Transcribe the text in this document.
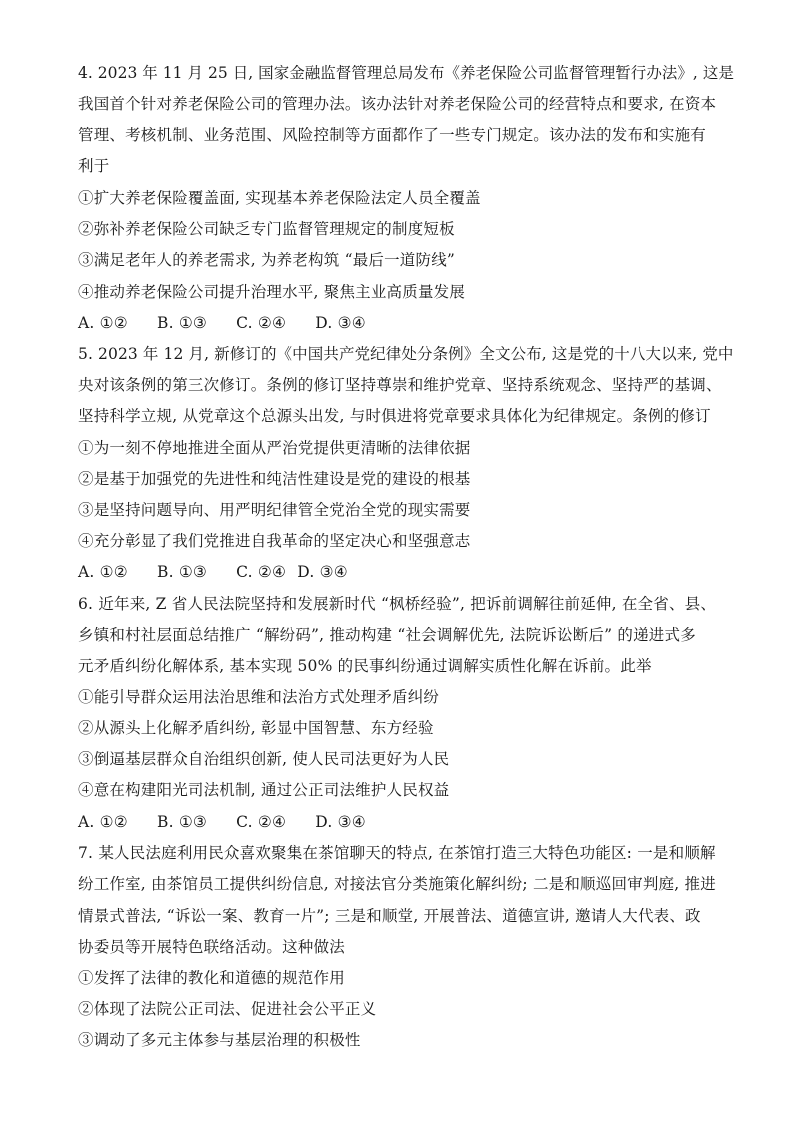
4. 2023 年 11 月 25 日, 国家金融监督管理总局发布《养老保险公司监督管理暂行办法》, 这是
我国首个针对养老保险公司的管理办法。该办法针对养老保险公司的经营特点和要求, 在资本
管理、考核机制、业务范围、风险控制等方面都作了一些专门规定。该办法的发布和实施有
利于
①扩大养老保险覆盖面, 实现基本养老保险法定人员全覆盖
②弥补养老保险公司缺乏专门监督管理规定的制度短板
③满足老年人的养老需求, 为养老构筑 “最后一道防线”
④推动养老保险公司提升治理水平, 聚焦主业高质量发展
A. ①② B. ①③ C. ②④ D. ③④
5. 2023 年 12 月, 新修订的《中国共产党纪律处分条例》全文公布, 这是党的十八大以来, 党中
央对该条例的第三次修订。条例的修订坚持尊崇和维护党章、坚持系统观念、坚持严的基调、
坚持科学立规, 从党章这个总源头出发, 与时俱进将党章要求具体化为纪律规定。条例的修订
①为一刻不停地推进全面从严治党提供更清晰的法律依据
②是基于加强党的先进性和纯洁性建设是党的建设的根基
③是坚持问题导向、用严明纪律管全党治全党的现实需要
④充分彰显了我们党推进自我革命的坚定决心和坚强意志
A. ①② B. ①③ C. ②④ D. ③④
6. 近年来, Z 省人民法院坚持和发展新时代 “枫桥经验”, 把诉前调解往前延伸, 在全省、县、
乡镇和村社层面总结推广 “解纷码”, 推动构建 “社会调解优先, 法院诉讼断后” 的递进式多
元矛盾纠纷化解体系, 基本实现 50% 的民事纠纷通过调解实质性化解在诉前。此举
①能引导群众运用法治思维和法治方式处理矛盾纠纷
②从源头上化解矛盾纠纷, 彰显中国智慧、东方经验
③倒逼基层群众自治组织创新, 使人民司法更好为人民
④意在构建阳光司法机制, 通过公正司法维护人民权益
A. ①② B. ①③ C. ②④ D. ③④
7. 某人民法庭利用民众喜欢聚集在茶馆聊天的特点, 在茶馆打造三大特色功能区: 一是和顺解
纷工作室, 由茶馆员工提供纠纷信息, 对接法官分类施策化解纠纷; 二是和顺巡回审判庭, 推进
情景式普法, “诉讼一案、教育一片”; 三是和顺堂, 开展普法、道德宣讲, 邀请人大代表、政
协委员等开展特色联络活动。这种做法
①发挥了法律的教化和道德的规范作用
②体现了法院公正司法、促进社会公平正义
③调动了多元主体参与基层治理的积极性
